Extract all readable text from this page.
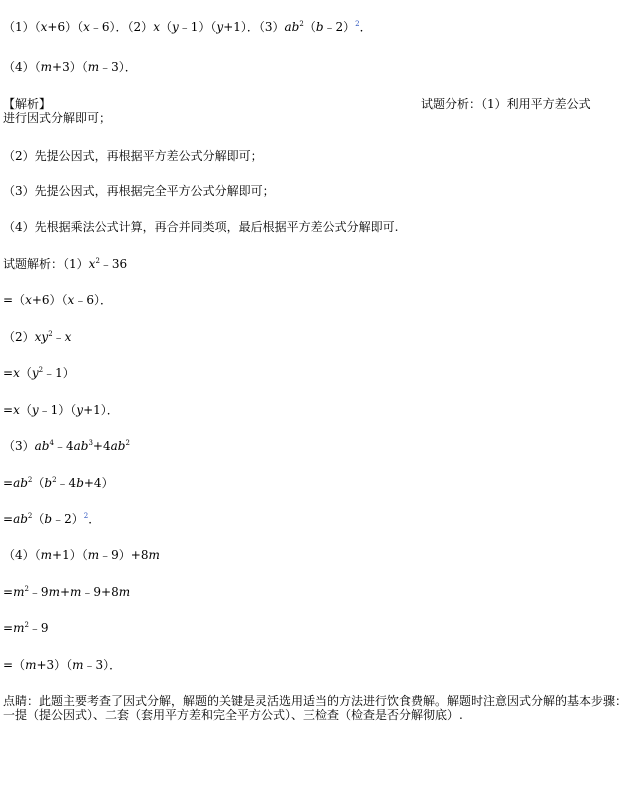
（1）（x+6）（x﹣6）．（2）x（y﹣1）（y+1）．$(3)ab^2(b﹣2)^2$．
（4）（m+3）（m﹣3）．
【解析】	试题分析：（1）利用平方差公式
进行因式分解即可；
（2）先提公因式，再根据平方差公式分解即可；
（3）先提公因式，再根据完全平方公式分解即可；
（4）先根据乘法公式计算，再合并同类项，最后根据平方差公式分解即可.
试题解析：$(1)x^2﹣36$
=（x+6）（x﹣6）．
$(2)xy^2﹣x$
$=x(y^2﹣1)$
=x（y﹣1）（y+1）．
$(3)ab^4﹣4ab^3+4ab^2$
$=ab^2(b^2﹣4b+4)$
$=ab^2(b﹣2)^2$．
（4）（m+1）（m﹣9）+8m
$=m^2﹣9m+m﹣9+8m$
$=m^2﹣9$
=（m+3）（m﹣3）．
点睛：此题主要考查了因式分解，解题的关键是灵活选用适当的方法进行饮食费解。解题时注意因式分解的基本步骤：一提（提公因式）、二套（套用平方差和完全平方公式）、三检查（检查是否分解彻底）.
